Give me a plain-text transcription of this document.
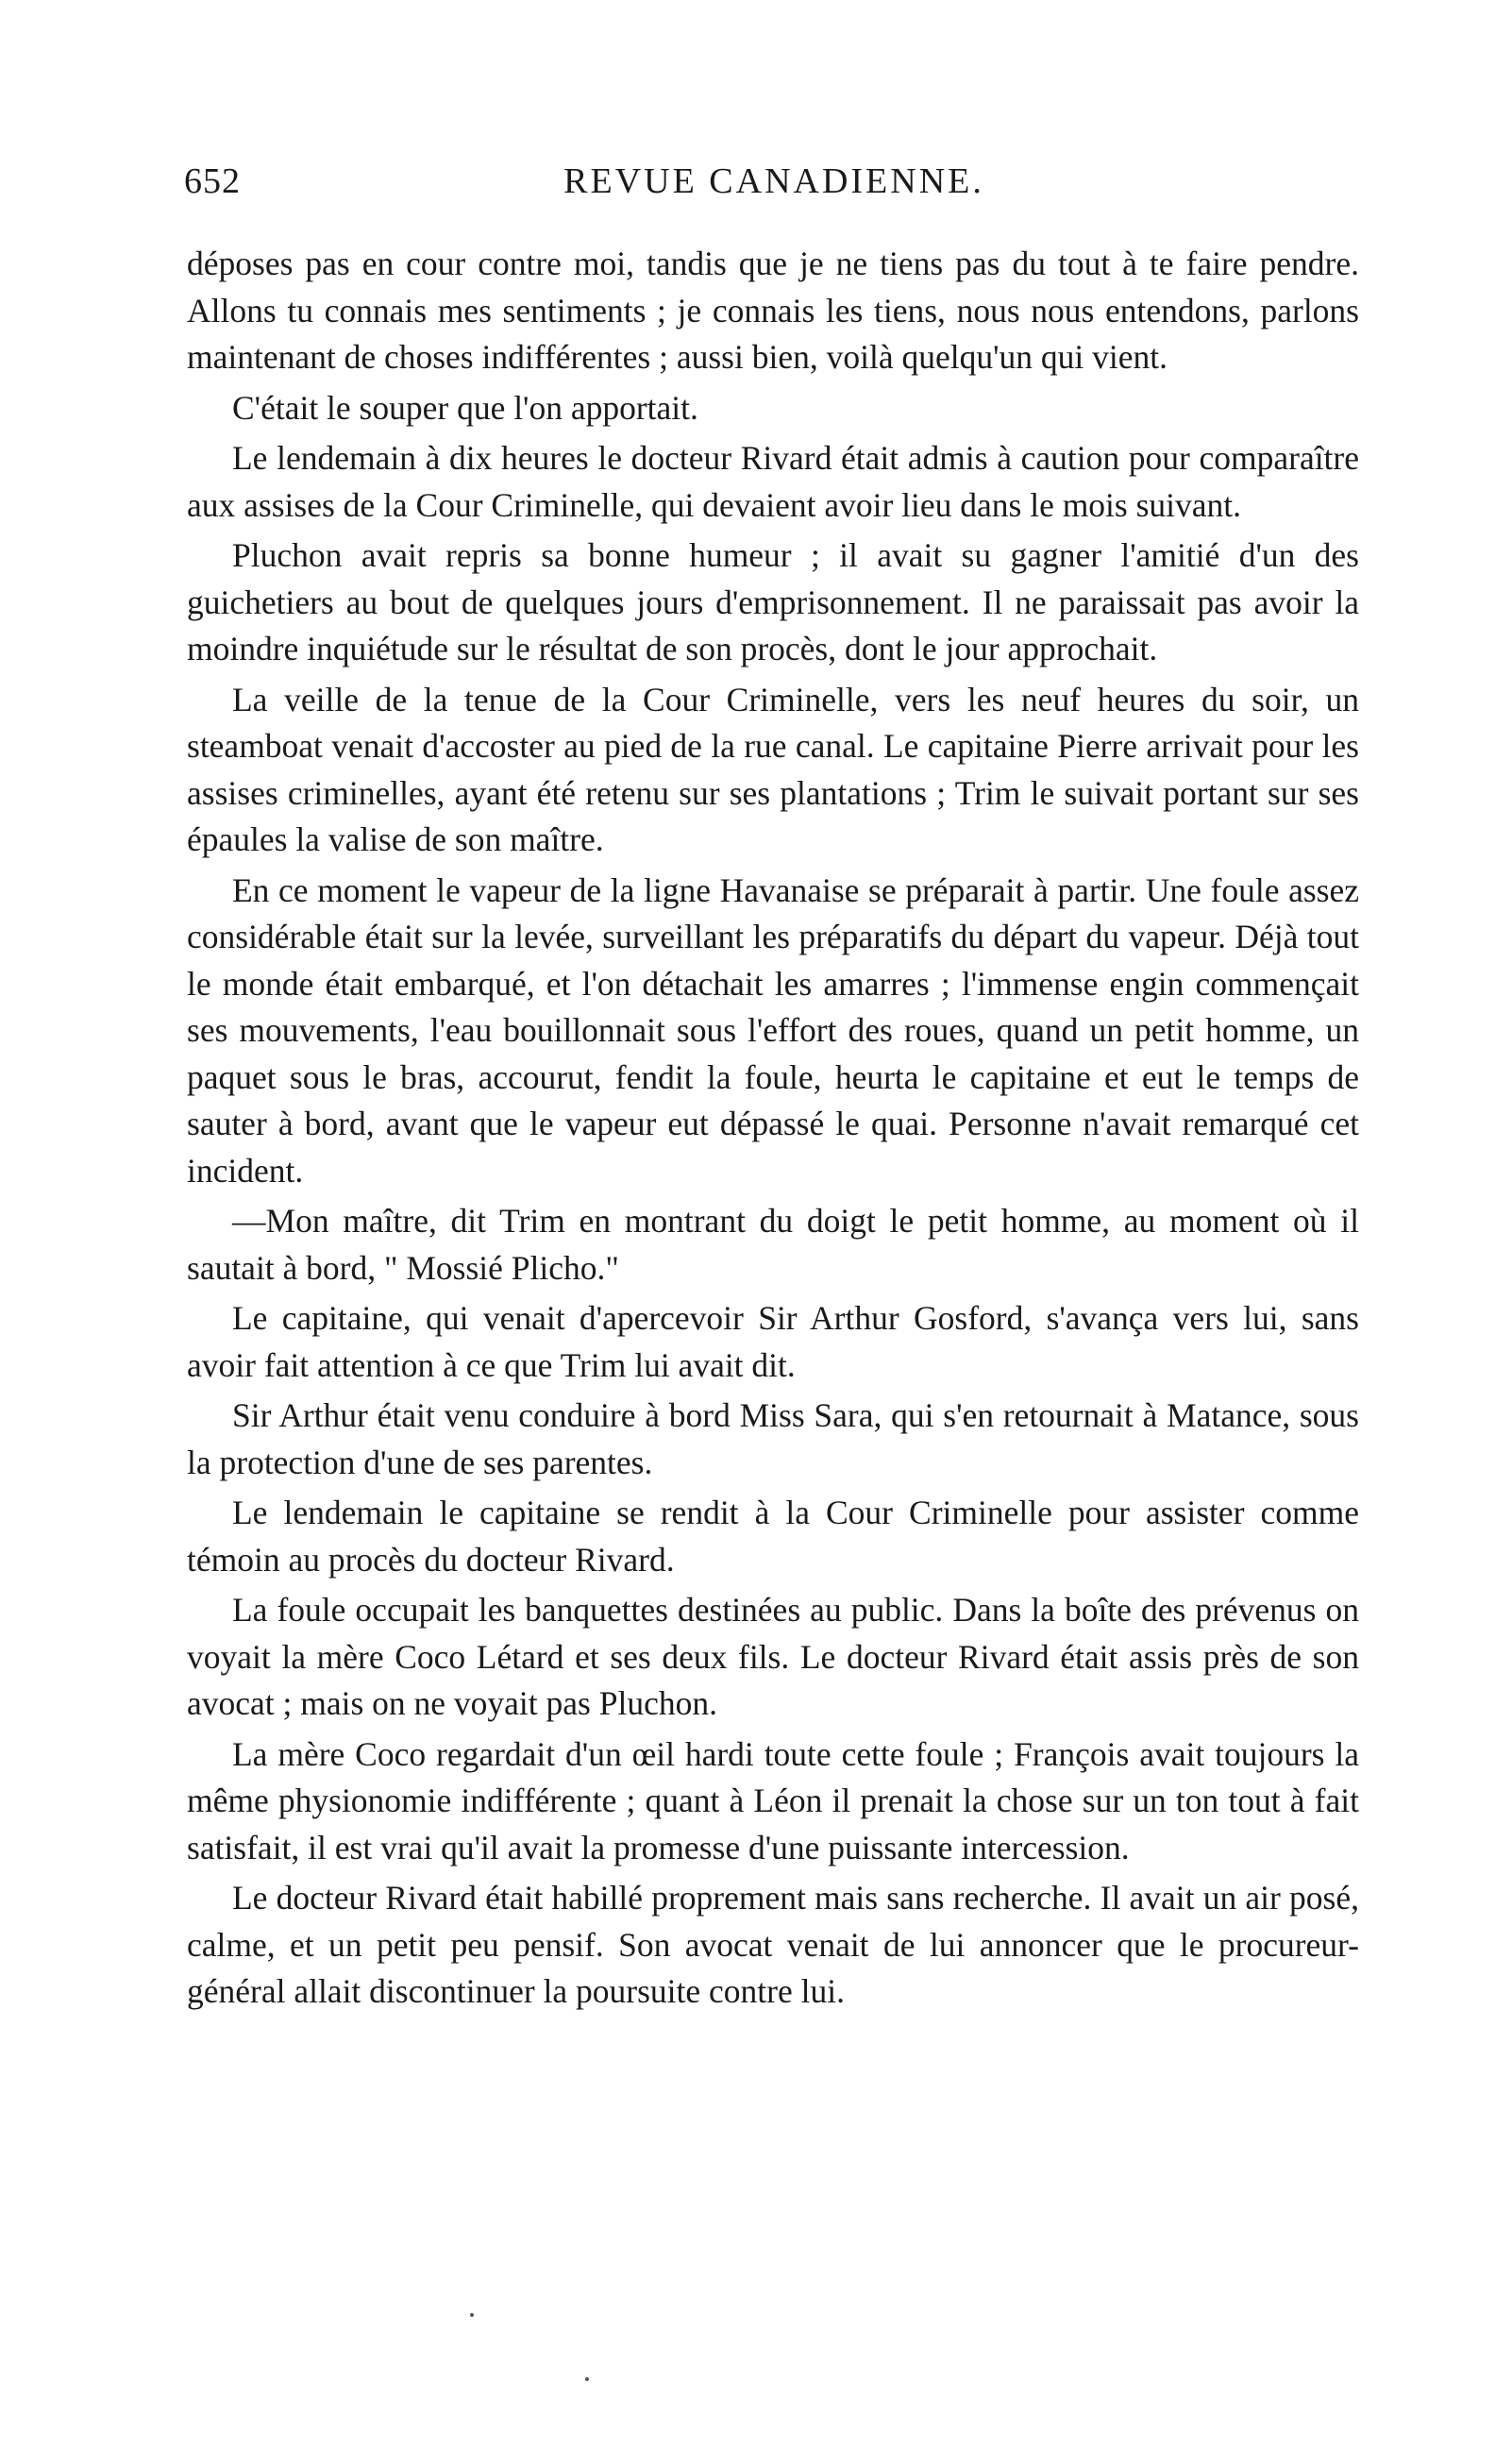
652	REVUE CANADIENNE.

déposes pas en cour contre moi, tandis que je ne tiens pas du tout à te faire pendre. Allons tu connais mes sentiments ; je connais les tiens, nous nous entendons, parlons maintenant de choses indifférentes ; aussi bien, voilà quelqu'un qui vient.

C'était le souper que l'on apportait.

Le lendemain à dix heures le docteur Rivard était admis à caution pour comparaître aux assises de la Cour Criminelle, qui devaient avoir lieu dans le mois suivant.

Pluchon avait repris sa bonne humeur ; il avait su gagner l'amitié d'un des guichetiers au bout de quelques jours d'emprisonnement. Il ne paraissait pas avoir la moindre inquiétude sur le résultat de son procès, dont le jour approchait.

La veille de la tenue de la Cour Criminelle, vers les neuf heures du soir, un steamboat venait d'accoster au pied de la rue canal. Le capitaine Pierre arrivait pour les assises criminelles, ayant été retenu sur ses plantations ; Trim le suivait portant sur ses épaules la valise de son maître.

En ce moment le vapeur de la ligne Havanaise se préparait à partir. Une foule assez considérable était sur la levée, surveillant les préparatifs du départ du vapeur. Déjà tout le monde était embarqué, et l'on détachait les amarres ; l'immense engin commençait ses mouvements, l'eau bouillonnait sous l'effort des roues, quand un petit homme, un paquet sous le bras, accourut, fendit la foule, heurta le capitaine et eut le temps de sauter à bord, avant que le vapeur eut dépassé le quai. Personne n'avait remarqué cet incident.

—Mon maître, dit Trim en montrant du doigt le petit homme, au moment où il sautait à bord, " Mossié Plicho."

Le capitaine, qui venait d'apercevoir Sir Arthur Gosford, s'avança vers lui, sans avoir fait attention à ce que Trim lui avait dit.

Sir Arthur était venu conduire à bord Miss Sara, qui s'en retournait à Matance, sous la protection d'une de ses parentes.

Le lendemain le capitaine se rendit à la Cour Criminelle pour assister comme témoin au procès du docteur Rivard.

La foule occupait les banquettes destinées au public. Dans la boîte des prévenus on voyait la mère Coco Létard et ses deux fils. Le docteur Rivard était assis près de son avocat ; mais on ne voyait pas Pluchon.

La mère Coco regardait d'un œil hardi toute cette foule ; François avait toujours la même physionomie indifférente ; quant à Léon il prenait la chose sur un ton tout à fait satisfait, il est vrai qu'il avait la promesse d'une puissante intercession.

Le docteur Rivard était habillé proprement mais sans recherche. Il avait un air posé, calme, et un petit peu pensif. Son avocat venait de lui annoncer que le procureur-général allait discontinuer la poursuite contre lui.
